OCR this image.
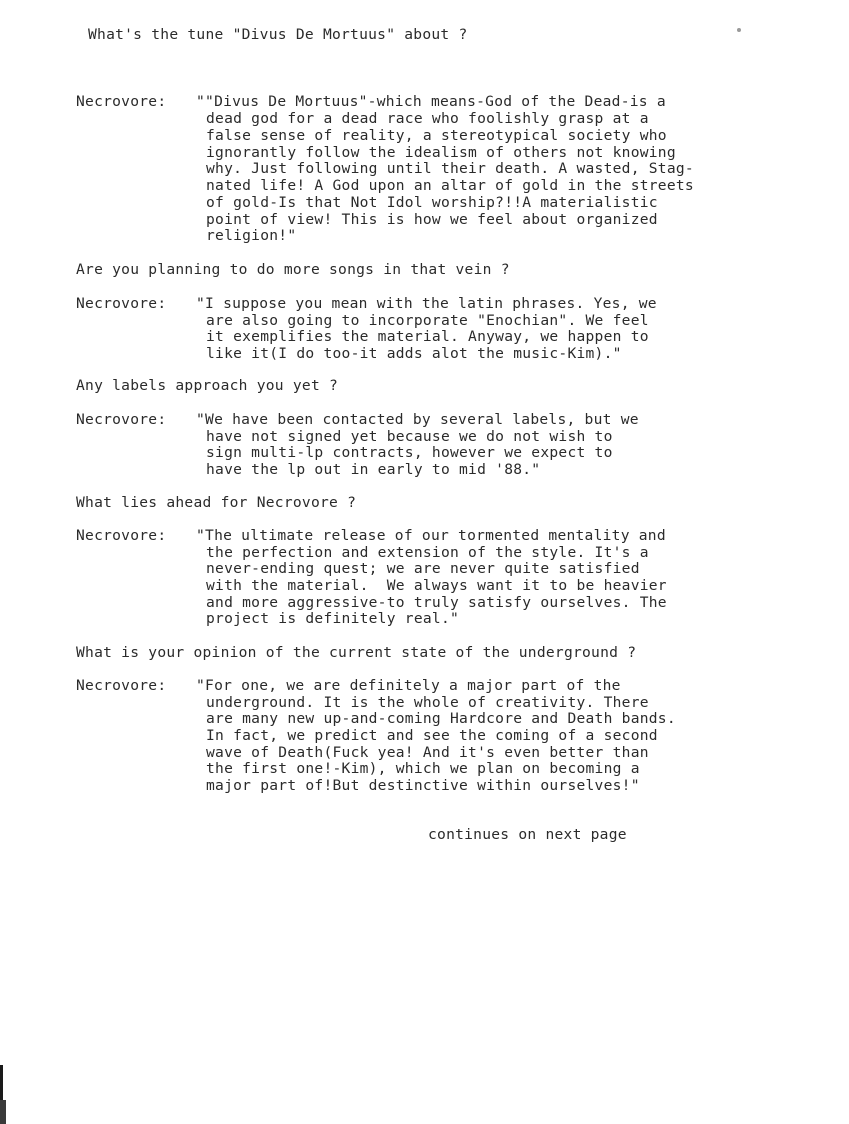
What's the tune "Divus De Mortuus" about ?
Necrovore: ""Divus De Mortuus"-which means-God of the Dead-is a
dead god for a dead race who foolishly grasp at a
false sense of reality, a stereotypical society who
ignorantly follow the idealism of others not knowing
why. Just following until their death. A wasted, Stag-
nated life! A God upon an altar of gold in the streets
of gold-Is that Not Idol worship?!!A materialistic
point of view! This is how we feel about organized
religion!"
Are you planning to do more songs in that vein ?
Necrovore: "I suppose you mean with the latin phrases. Yes, we
are also going to incorporate "Enochian". We feel
it exemplifies the material. Anyway, we happen to
like it(I do too-it adds alot the music-Kim)."
Any labels approach you yet ?
Necrovore: "We have been contacted by several labels, but we
have not signed yet because we do not wish to
sign multi-lp contracts, however we expect to
have the lp out in early to mid '88."
What lies ahead for Necrovore ?
Necrovore: "The ultimate release of our tormented mentality and
the perfection and extension of the style. It's a
never-ending quest; we are never quite satisfied
with the material.  We always want it to be heavier
and more aggressive-to truly satisfy ourselves. The
project is definitely real."
What is your opinion of the current state of the underground ?
Necrovore: "For one, we are definitely a major part of the
underground. It is the whole of creativity. There
are many new up-and-coming Hardcore and Death bands.
In fact, we predict and see the coming of a second
wave of Death(Fuck yea! And it's even better than
the first one!-Kim), which we plan on becoming a
major part of!But destinctive within ourselves!"
continues on next page
